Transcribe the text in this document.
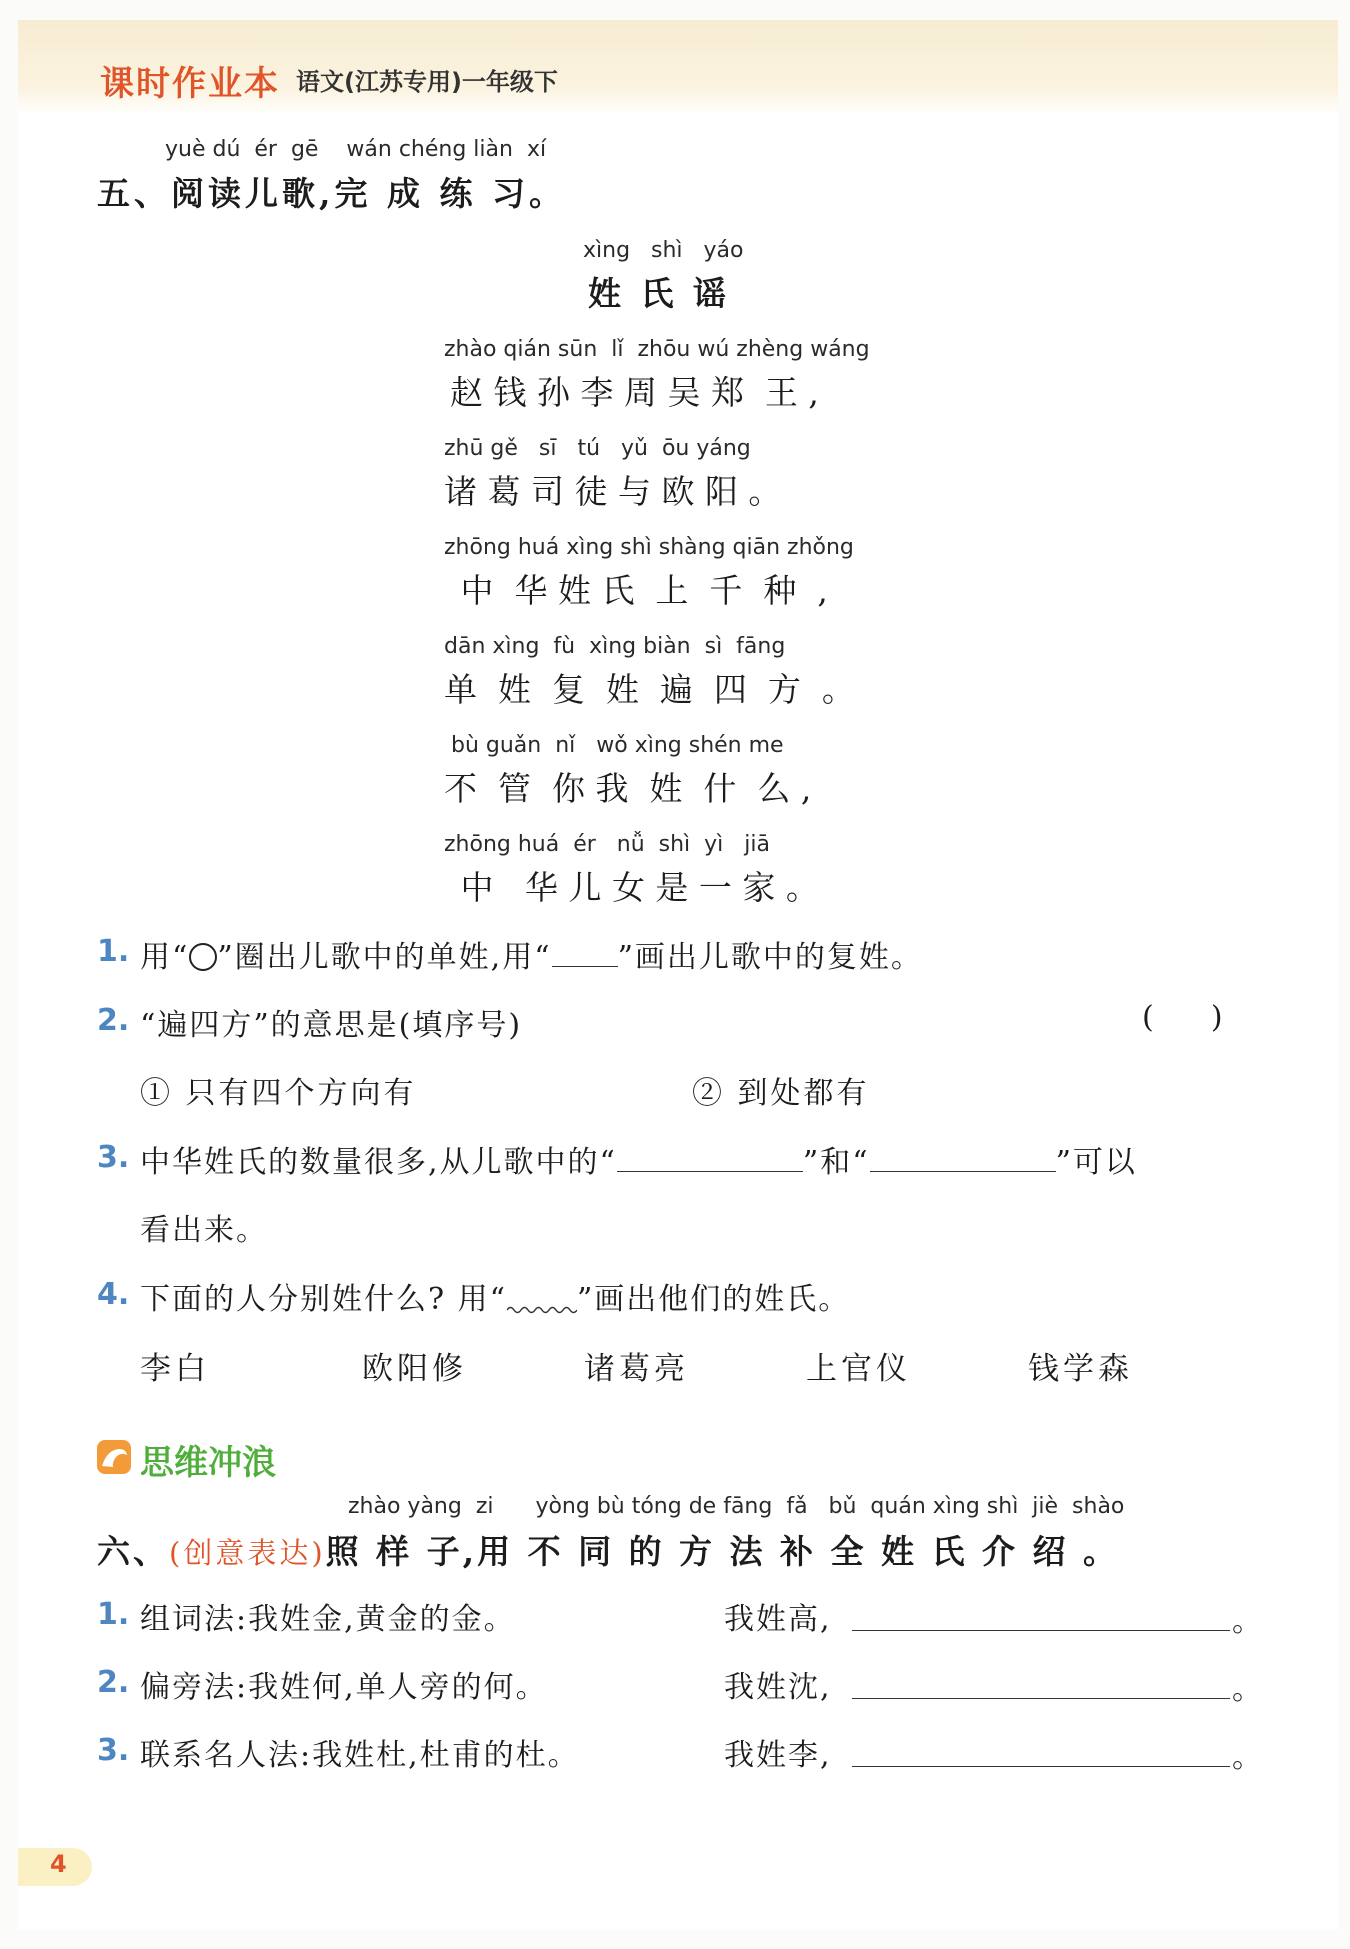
课时作业本 语文(江苏专用)一年级下
yuè dú  ér  gē    wán chéng liàn  xí
五、阅读儿歌,完 成 练 习。
xìng   shì   yáo
姓 氏 谣
zhào qián sūn  lǐ  zhōu wú zhèng wáng
赵 钱 孙 李 周 吴 郑  王 ,
zhū gě   sī   tú   yǔ  ōu yáng
诸 葛 司 徒 与 欧 阳 。
zhōng huá xìng shì shàng qiān zhǒng
中  华 姓 氏  上  千  种  ,
dān xìng  fù  xìng biàn  sì  fāng
单  姓  复  姓  遍  四  方  。
bù guǎn  nǐ   wǒ xìng shén me
不  管  你 我  姓  什  么 ,
zhōng huá  ér   nǚ  shì  yì   jiā
中   华 儿 女 是 一 家 。
1. 用“ ”圈出儿歌中的单姓,用“ ”画出儿歌中的复姓。
2. “遍四方”的意思是(填序号)	(      )
① 只有四个方向有	② 到处都有
3. 中华姓氏的数量很多,从儿歌中的“	”和“	”可以
看出来。
4. 下面的人分别姓什么? 用“ ”画出他们的姓氏。
李白	欧阳修	诸葛亮	上官仪	钱学森
思维冲浪
zhào yàng  zi      yòng bù tóng de fāng  fǎ   bǔ  quán xìng shì  jiè  shào
六、(创意表达)照 样 子,用 不 同 的 方 法 补 全 姓 氏 介 绍 。
1. 组词法:我姓金,黄金的金。	我姓高,	。
2. 偏旁法:我姓何,单人旁的何。	我姓沈,	。
3. 联系名人法:我姓杜,杜甫的杜。	我姓李,	。
4
